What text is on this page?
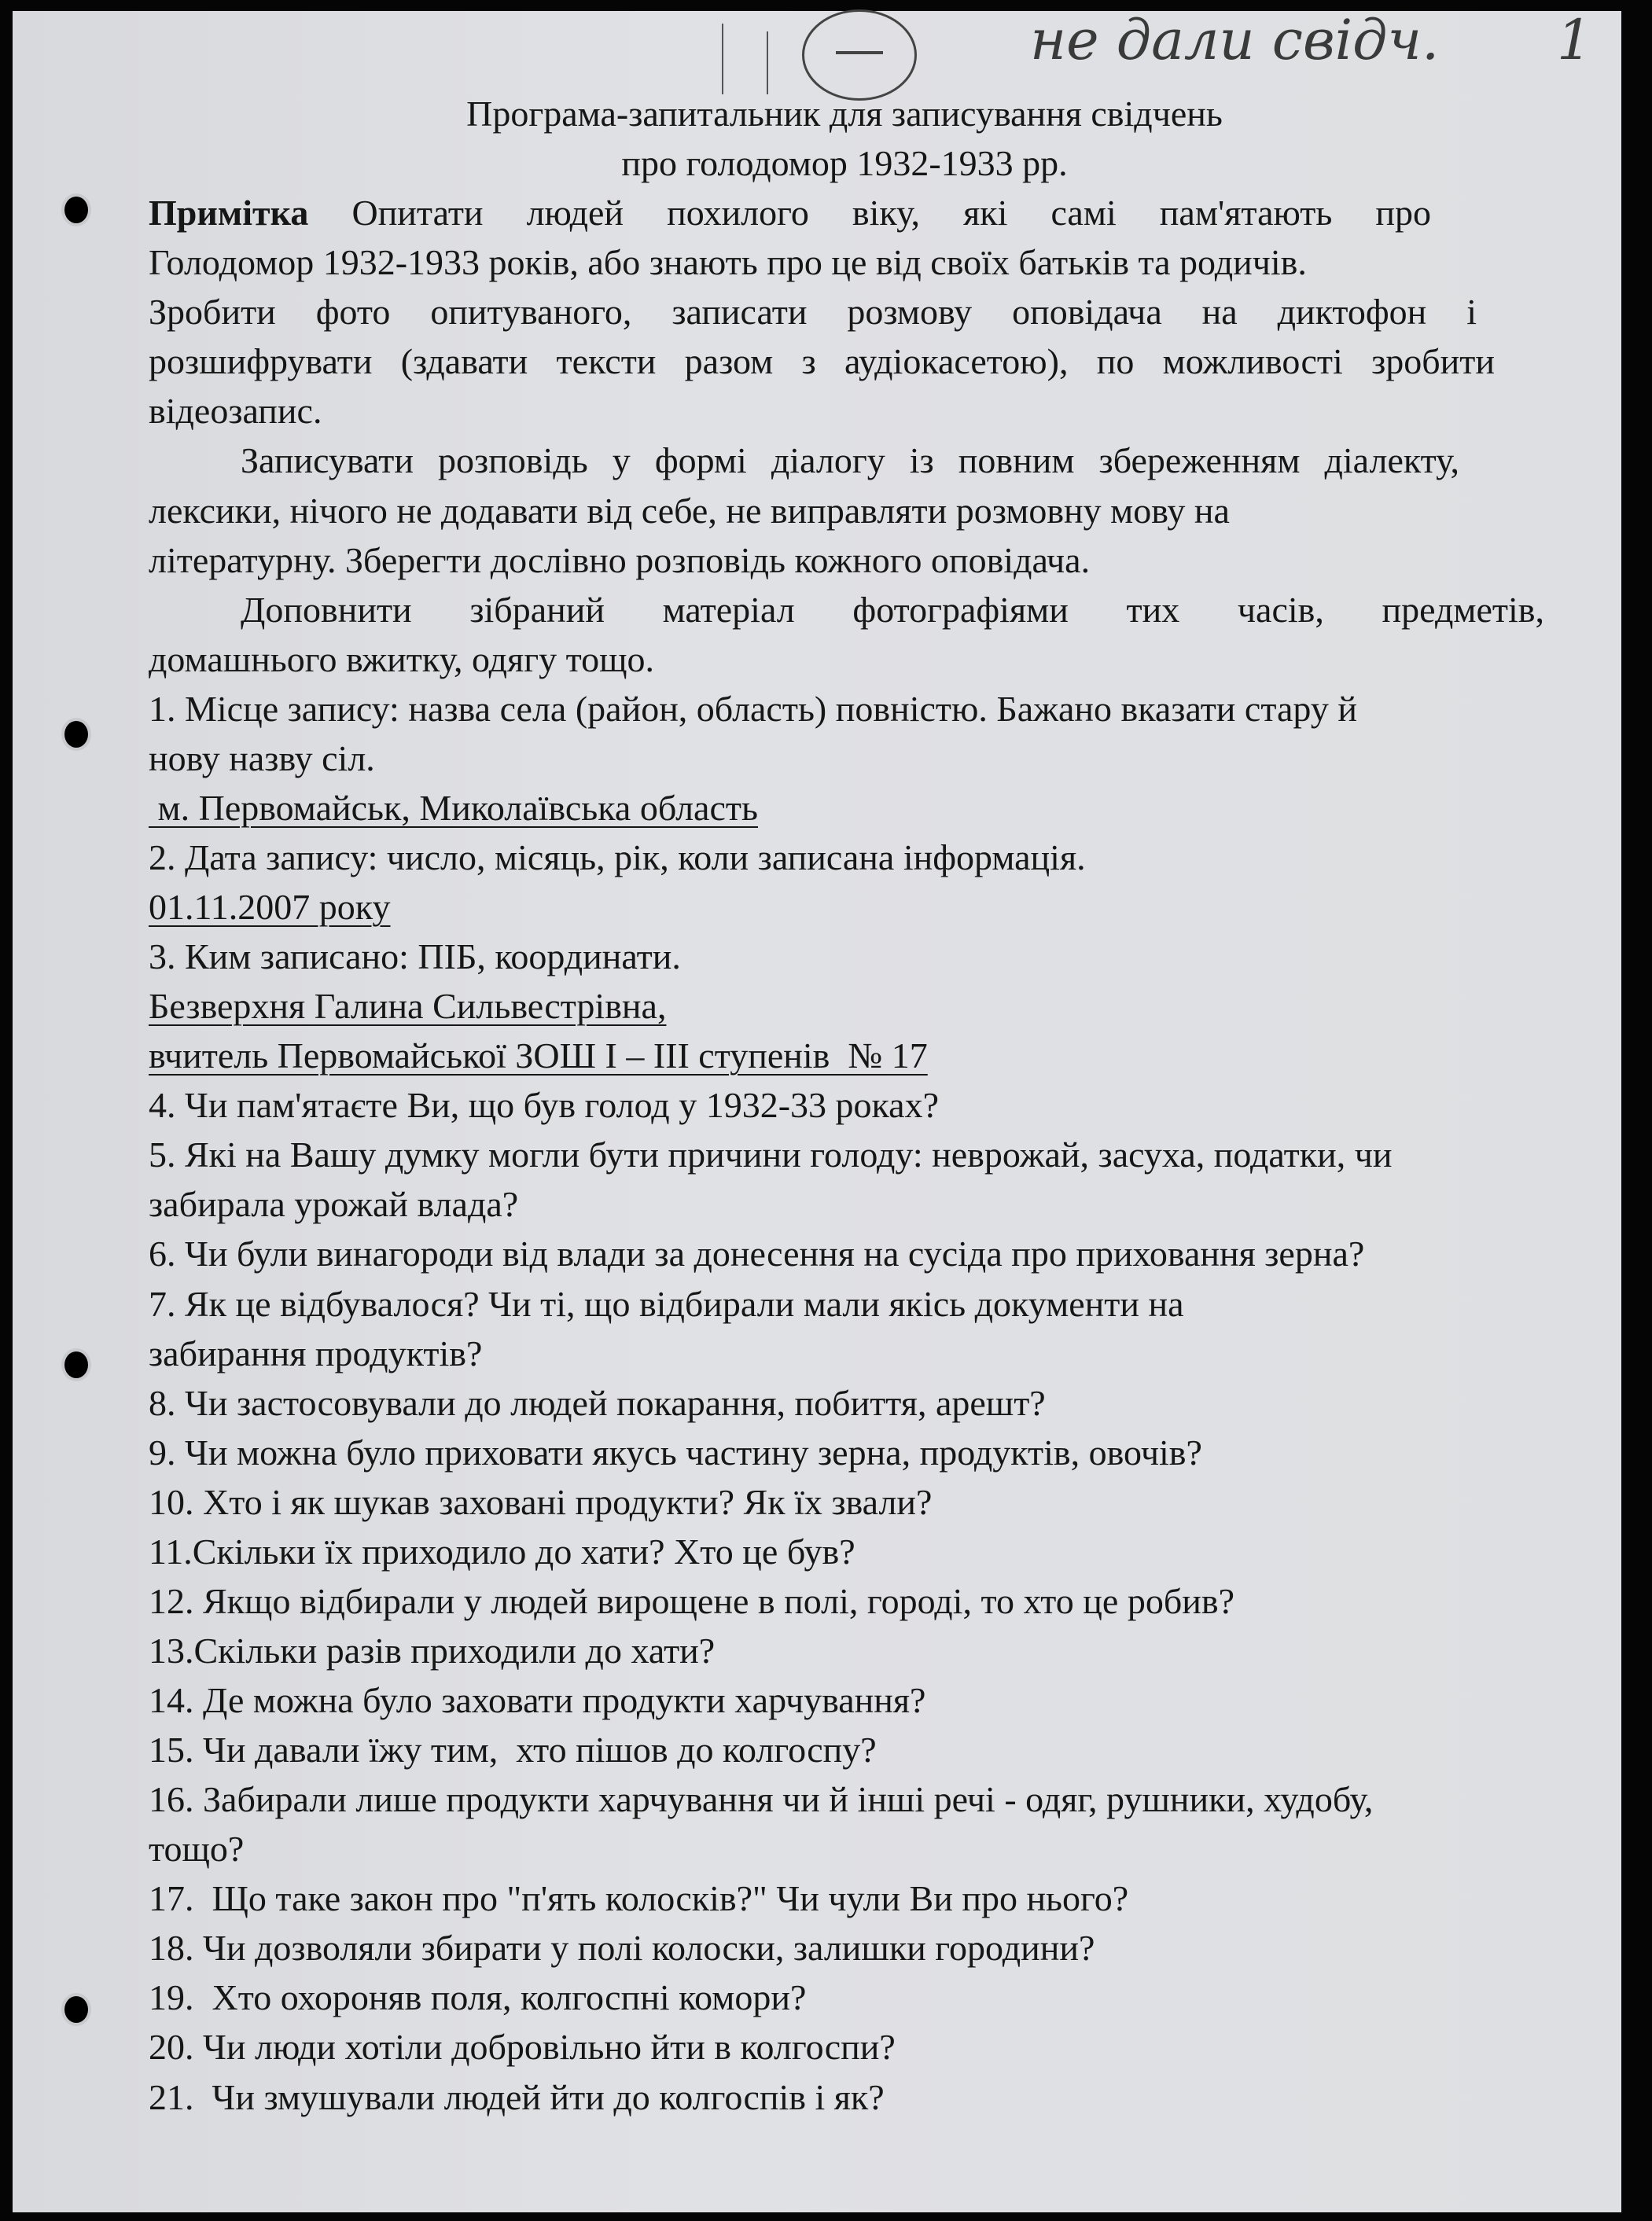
не дали свідч. 1
Програма-запитальник для записування свідчень
про голодомор 1932-1933 рр.
Примітка Опитати людей похилого віку, які самі пам'ятають про
Голодомор 1932-1933 років, або знають про це від своїх батьків та родичів.
Зробити фото опитуваного, записати розмову оповідача на диктофон і
розшифрувати (здавати тексти разом з аудіокасетою), по можливості зробити
відеозапис.
Записувати розповідь у формі діалогу із повним збереженням діалекту,
лексики, нічого не додавати від себе, не виправляти розмовну мову на
літературну. Зберегти дослівно розповідь кожного оповідача.
Доповнити зібраний матеріал фотографіями тих часів, предметів,
домашнього вжитку, одягу тощо.
1. Місце запису: назва села (район, область) повністю. Бажано вказати стару й
нову назву сіл.
м. Первомайськ, Миколаївська область
2. Дата запису: число, місяць, рік, коли записана інформація.
01.11.2007 року
3. Ким записано: ПІБ, координати.
Безверхня Галина Сильвестрівна,
вчитель Первомайської ЗОШ І – ІІІ ступенів  № 17
4. Чи пам'ятаєте Ви, що був голод у 1932-33 роках?
5. Які на Вашу думку могли бути причини голоду: неврожай, засуха, податки, чи
забирала урожай влада?
6. Чи були винагороди від влади за донесення на сусіда про приховання зерна?
7. Як це відбувалося? Чи ті, що відбирали мали якісь документи на
забирання продуктів?
8. Чи застосовували до людей покарання, побиття, арешт?
9. Чи можна було приховати якусь частину зерна, продуктів, овочів?
10. Хто і як шукав заховані продукти? Як їх звали?
11.Скільки їх приходило до хати? Хто це був?
12. Якщо відбирали у людей вирощене в полі, городі, то хто це робив?
13.Скільки разів приходили до хати?
14. Де можна було заховати продукти харчування?
15. Чи давали їжу тим,  хто пішов до колгоспу?
16. Забирали лише продукти харчування чи й інші речі - одяг, рушники, худобу,
тощо?
17.  Що таке закон про "п'ять колосків?" Чи чули Ви про нього?
18. Чи дозволяли збирати у полі колоски, залишки городини?
19.  Хто охороняв поля, колгоспні комори?
20. Чи люди хотіли добровільно йти в колгоспи?
21.  Чи змушували людей йти до колгоспів і як?
